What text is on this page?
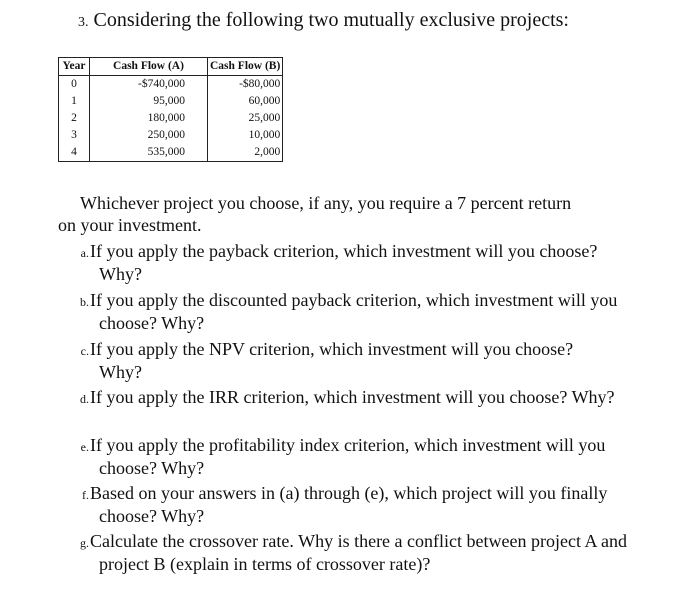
3. Considering the following two mutually exclusive projects:
Year	Cash Flow (A)	Cash Flow (B)
0	-$740,000	-$80,000
1	95,000	60,000
2	180,000	25,000
3	250,000	10,000
4	535,000	2,000
Whichever project you choose, if any, you require a 7 percent return
on your investment.
a. If you apply the payback criterion, which investment will you choose? Why?
b. If you apply the discounted payback criterion, which investment will you choose? Why?
c. If you apply the NPV criterion, which investment will you choose? Why?
d. If you apply the IRR criterion, which investment will you choose? Why?
e. If you apply the profitability index criterion, which investment will you choose? Why?
f. Based on your answers in (a) through (e), which project will you finally choose? Why?
g. Calculate the crossover rate. Why is there a conflict between project A and project B (explain in terms of crossover rate)?
